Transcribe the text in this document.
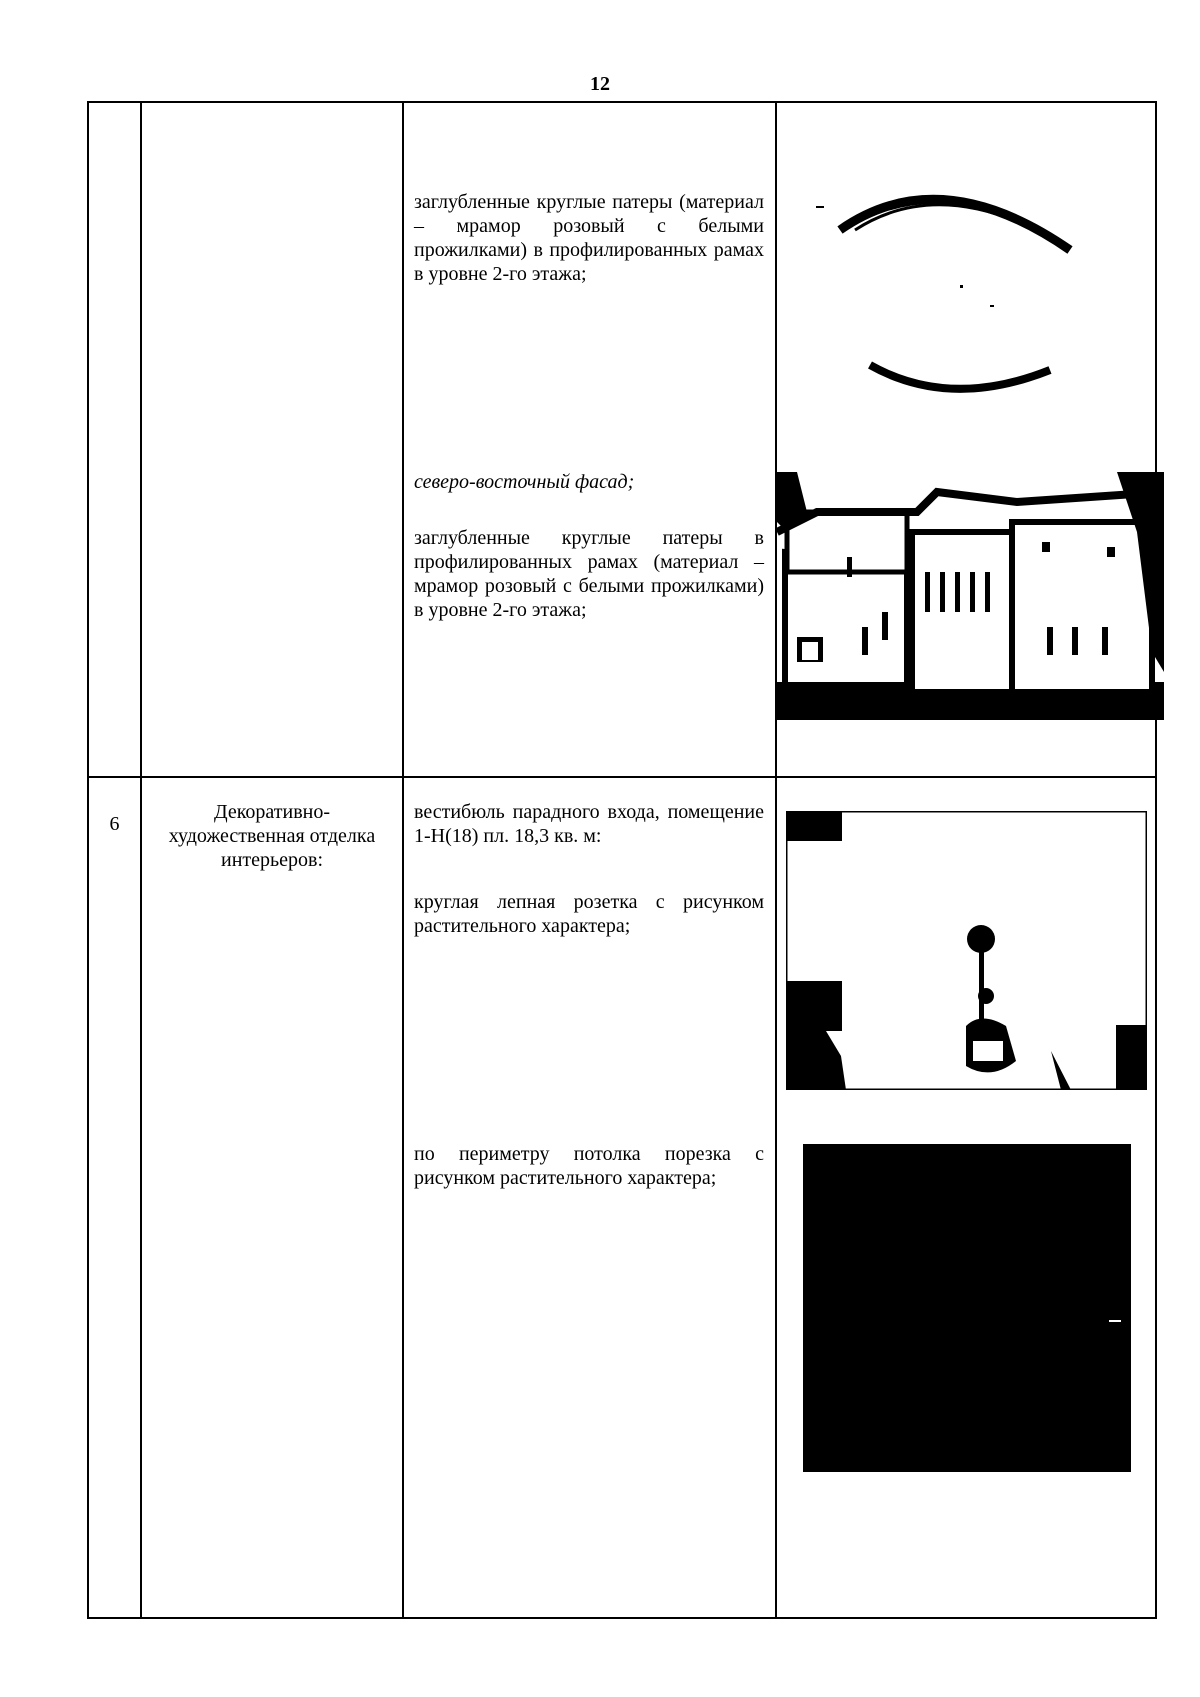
12
заглубленные круглые патеры (материал – мрамор розовый с белыми прожилками) в профилированных рамах в уровне 2-го этажа;
северо-восточный фасад;
заглубленные круглые патеры в профилированных рамах (материал – мрамор розовый с белыми прожилками) в уровне 2-го этажа;
6
Декоративно-художественная отделка интерьеров:
вестибюль парадного входа, помещение 1-Н(18) пл. 18,3 кв. м:
круглая лепная розетка с рисунком растительного характера;
по периметру потолка порезка с рисунком растительного характера;
